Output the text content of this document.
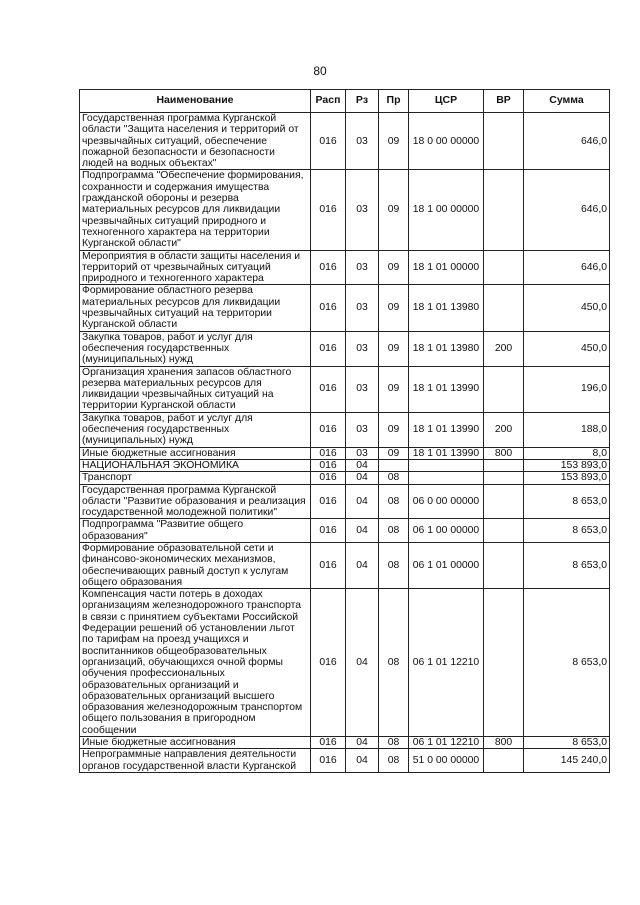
80
Наименование	Расп	Рз	Пр	ЦСР	ВР	Сумма
Государственная программа Курганской области "Защита населения и территорий от чрезвычайных ситуаций, обеспечение пожарной безопасности и безопасности людей на водных объектах"	016	03	09	18 0 00 00000		646,0
Подпрограмма "Обеспечение формирования, сохранности и содержания имущества гражданской обороны и резерва материальных ресурсов для ликвидации чрезвычайных ситуаций природного и техногенного характера на территории Курганской области"	016	03	09	18 1 00 00000		646,0
Мероприятия в области защиты населения и территорий от чрезвычайных ситуаций природного и техногенного характера	016	03	09	18 1 01 00000		646,0
Формирование областного резерва материальных ресурсов для ликвидации чрезвычайных ситуаций на территории Курганской области	016	03	09	18 1 01 13980		450,0
Закупка товаров, работ и услуг для обеспечения государственных (муниципальных) нужд	016	03	09	18 1 01 13980	200	450,0
Организация хранения запасов областного резерва материальных ресурсов для ликвидации чрезвычайных ситуаций на территории Курганской области	016	03	09	18 1 01 13990		196,0
Закупка товаров, работ и услуг для обеспечения государственных (муниципальных) нужд	016	03	09	18 1 01 13990	200	188,0
Иные бюджетные ассигнования	016	03	09	18 1 01 13990	800	8,0
НАЦИОНАЛЬНАЯ ЭКОНОМИКА	016	04				153 893,0
Транспорт	016	04	08			153 893,0
Государственная программа Курганской области "Развитие образования и реализация государственной молодежной политики"	016	04	08	06 0 00 00000		8 653,0
Подпрограмма "Развитие общего образования"	016	04	08	06 1 00 00000		8 653,0
Формирование образовательной сети и финансово-экономических механизмов, обеспечивающих равный доступ к услугам общего образования	016	04	08	06 1 01 00000		8 653,0
Компенсация части потерь в доходах организациям железнодорожного транспорта в связи с принятием субъектами Российской Федерации решений об установлении льгот по тарифам на проезд учащихся и воспитанников общеобразовательных организаций, обучающихся очной формы обучения профессиональных образовательных организаций и образовательных организаций высшего образования железнодорожным транспортом общего пользования в пригородном сообщении	016	04	08	06 1 01 12210		8 653,0
Иные бюджетные ассигнования	016	04	08	06 1 01 12210	800	8 653,0
Непрограммные направления деятельности органов государственной власти Курганской	016	04	08	51 0 00 00000		145 240,0
